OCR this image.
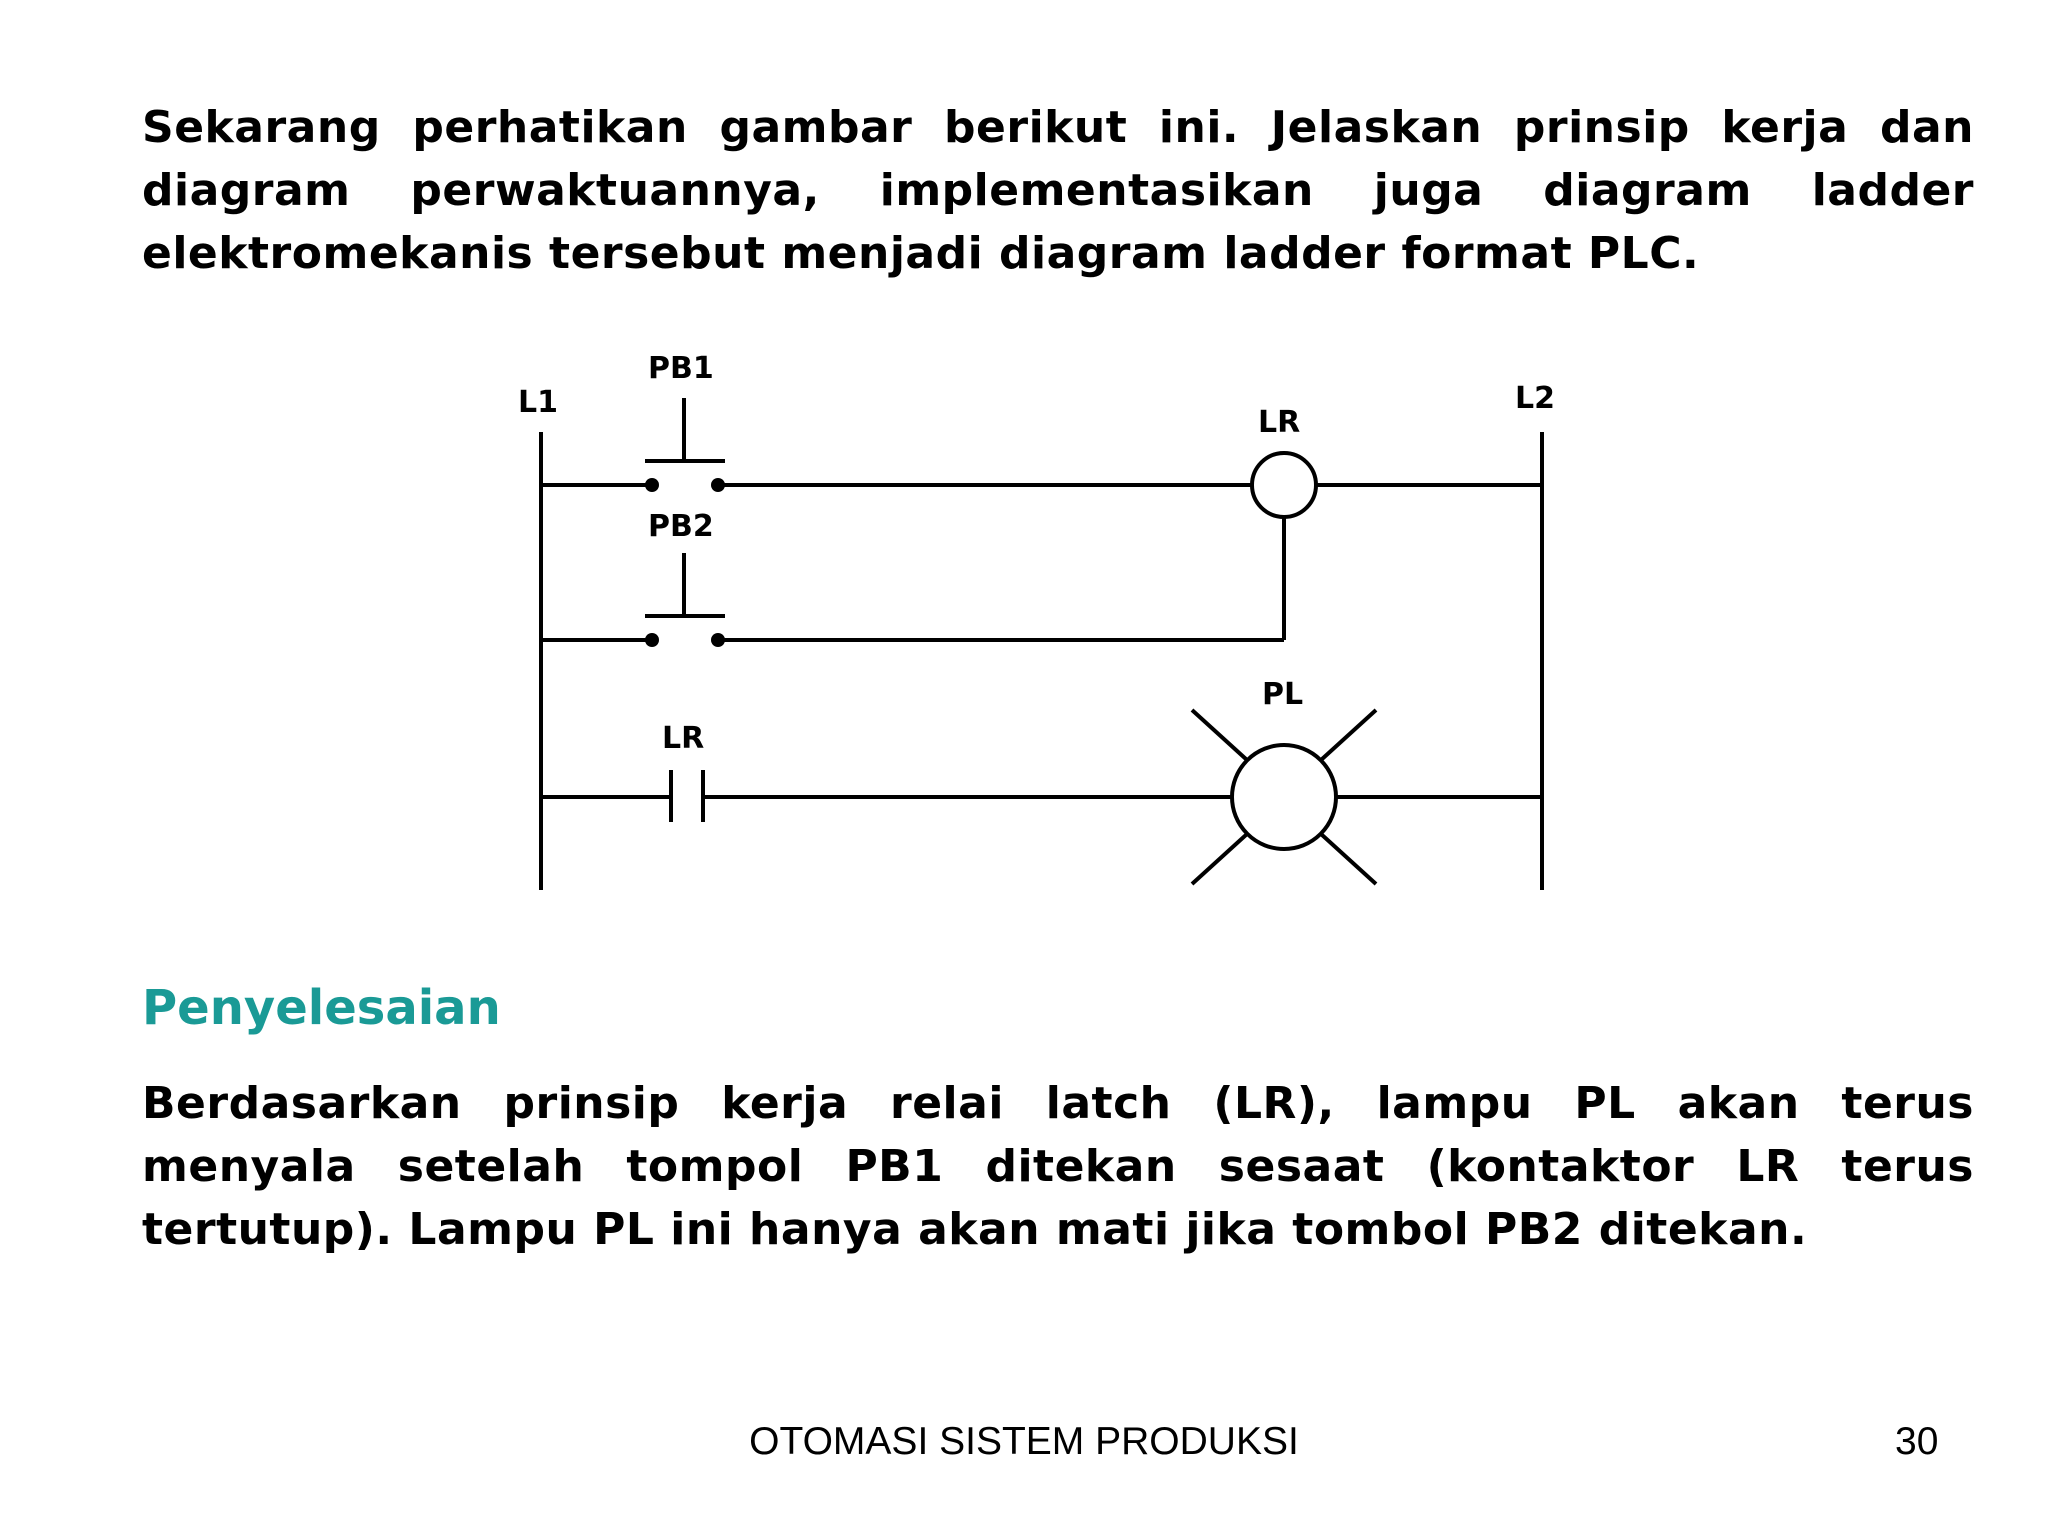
Sekarang perhatikan gambar berikut ini. Jelaskan prinsip kerja dan
diagram perwaktuannya, implementasikan juga diagram ladder
elektromekanis tersebut menjadi diagram ladder format PLC.
L1	L2
PB1
LR
PB2
LR
PL
Penyelesaian
Berdasarkan prinsip kerja relai latch (LR), lampu PL akan terus
menyala setelah tompol PB1 ditekan sesaat (kontaktor LR terus
tertutup). Lampu PL ini hanya akan mati jika tombol PB2 ditekan.
OTOMASI SISTEM PRODUKSI	30
